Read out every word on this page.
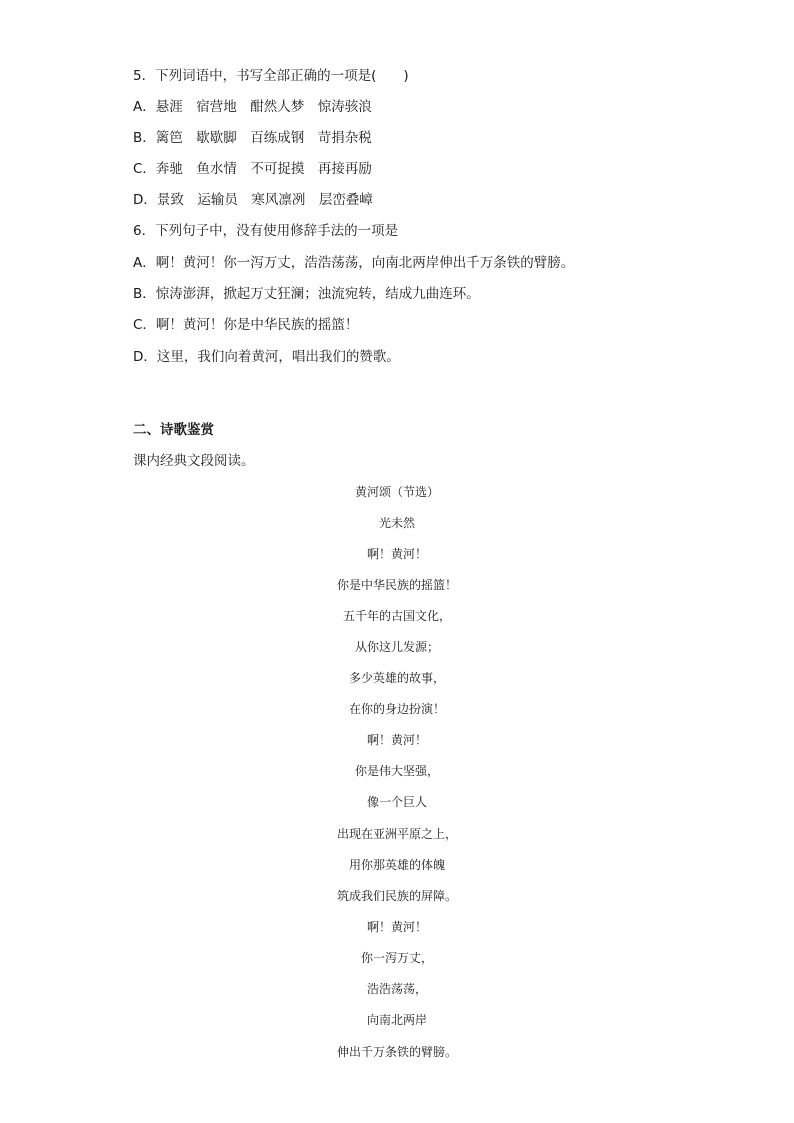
5．下列词语中，书写全部正确的一项是(　　)
A．悬涯　宿营地　酣然人梦　惊涛骇浪
B．篱笆　歇歇脚　百练成钢　苛捐杂税
C．奔驰　鱼水情　不可捉摸　再接再励
D．景致　运输员　寒风凛冽　层峦叠嶂
6．下列句子中，没有使用修辞手法的一项是
A．啊！黄河！你一泻万丈，浩浩荡荡，向南北两岸伸出千万条铁的臂膀。
B．惊涛澎湃，掀起万丈狂澜；浊流宛转，结成九曲连环。
C．啊！黄河！你是中华民族的摇篮！
D．这里，我们向着黄河，唱出我们的赞歌。
二、诗歌鉴赏
课内经典文段阅读。
黄河颂（节选）
光未然
啊！黄河！
你是中华民族的摇篮！
五千年的古国文化，
从你这儿发源；
多少英雄的故事，
在你的身边扮演！
啊！黄河！
你是伟大坚强，
像一个巨人
出现在亚洲平原之上，
用你那英雄的体魄
筑成我们民族的屏障。
啊！黄河！
你一泻万丈，
浩浩荡荡，
向南北两岸
伸出千万条铁的臂膀。
